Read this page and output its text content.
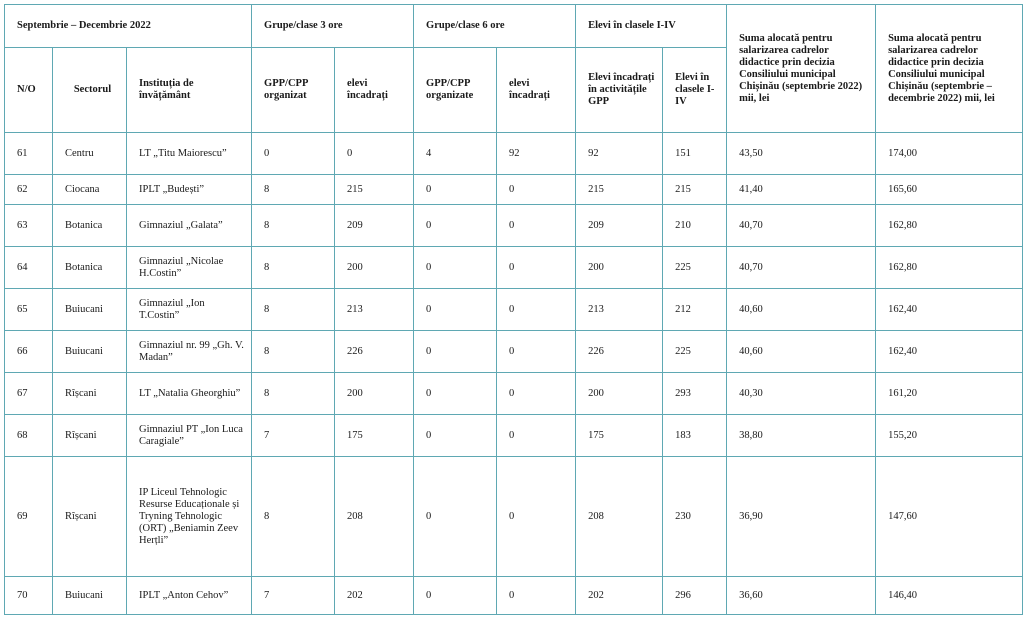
Septembrie – Decembrie 2022			Grupe/clase 3 ore		Grupe/clase 6 ore		Elevi în clasele I-IV		Suma alocată pentru salarizarea cadrelor didactice prin decizia Consiliului municipal Chișinău (septembrie 2022) mii, lei	Suma alocată pentru salarizarea cadrelor didactice prin decizia Consiliului municipal Chișinău (septembrie – decembrie 2022) mii, lei
N/O	Sectorul	Instituția de învățământ	GPP/CPP organizat	elevi încadrați	GPP/CPP organizate	elevi încadrați	Elevi încadrați în activitățile GPP	Elevi în clasele I-IV		
61	Centru	LT „Titu Maiorescu”	0	0	4	92	92	151	43,50	174,00
62	Ciocana	IPLT „Budești”	8	215	0	0	215	215	41,40	165,60
63	Botanica	Gimnaziul „Galata”	8	209	0	0	209	210	40,70	162,80
64	Botanica	Gimnaziul „Nicolae H.Costin”	8	200	0	0	200	225	40,70	162,80
65	Buiucani	Gimnaziul „Ion T.Costin”	8	213	0	0	213	212	40,60	162,40
66	Buiucani	Gimnaziul nr. 99 „Gh. V. Madan”	8	226	0	0	226	225	40,60	162,40
67	Rîșcani	LT „Natalia Gheorghiu”	8	200	0	0	200	293	40,30	161,20
68	Rîșcani	Gimnaziul PT „Ion Luca Caragiale”	7	175	0	0	175	183	38,80	155,20
69	Rîșcani	IP Liceul Tehnologic Resurse Educaționale și Tryning Tehnologic (ORT) „Beniamin Zeev Herțli”	8	208	0	0	208	230	36,90	147,60
70	Buiucani	IPLT „Anton Cehov”	7	202	0	0	202	296	36,60	146,40
